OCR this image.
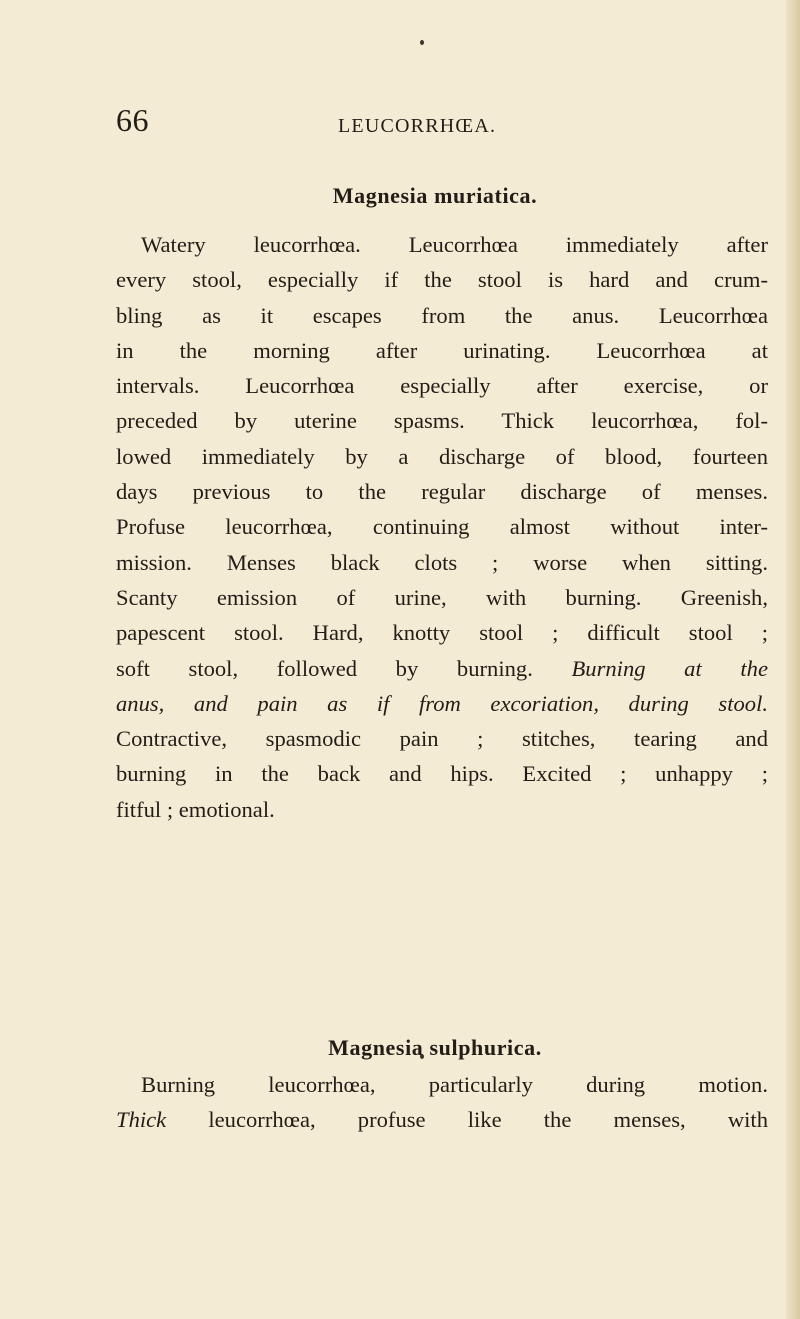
66	LEUCORRHŒA.
Magnesia muriatica.
Watery leucorrhœa. Leucorrhœa immediately after
every stool, especially if the stool is hard and crum-
bling as it escapes from the anus. Leucorrhœa
in the morning after urinating. Leucorrhœa at
intervals. Leucorrhœa especially after exercise, or
preceded by uterine spasms. Thick leucorrhœa, fol-
lowed immediately by a discharge of blood, fourteen
days previous to the regular discharge of menses.
Profuse leucorrhœa, continuing almost without inter-
mission. Menses black clots ; worse when sitting.
Scanty emission of urine, with burning. Greenish,
papescent stool. Hard, knotty stool ; difficult stool ;
soft stool, followed by burning. Burning at the
anus, and pain as if from excoriation, during stool.
Contractive, spasmodic pain ; stitches, tearing and
burning in the back and hips. Excited ; unhappy ;
fitful ; emotional.
Magnesia sulphurica.
Burning leucorrhœa, particularly during motion.
Thick leucorrhœa, profuse like the menses, with
